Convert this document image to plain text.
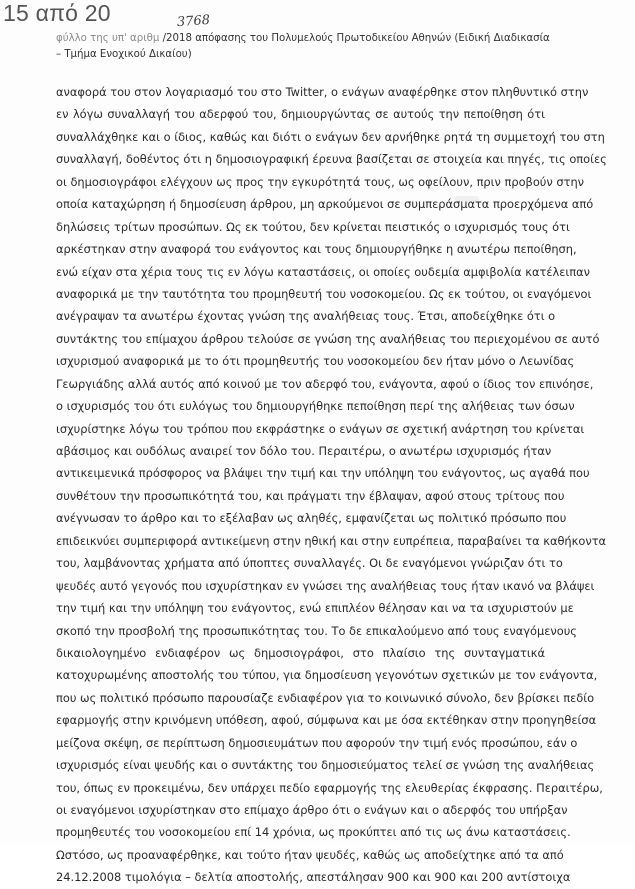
15 από 20	3768
φύλλο της υπ' αριθμ /2018 απόφασης του Πολυμελούς Πρωτοδικείου Αθηνών (Ειδική Διαδικασία
– Τμήμα Ενοχικού Δικαίου)
αναφορά του στον λογαριασμό του στο Twitter, ο ενάγων αναφέρθηκε στον πληθυντικό στην
εν λόγω συναλλαγή του αδερφού του, δημιουργώντας σε αυτούς την πεποίθηση ότι
συναλλάχθηκε και ο ίδιος, καθώς και διότι ο ενάγων δεν αρνήθηκε ρητά τη συμμετοχή του στη
συναλλαγή, δοθέντος ότι η δημοσιογραφική έρευνα βασίζεται σε στοιχεία και πηγές, τις οποίες
οι δημοσιογράφοι ελέγχουν ως προς την εγκυρότητά τους, ως οφείλουν, πριν προβούν στην
οποία καταχώρηση ή δημοσίευση άρθρου, μη αρκούμενοι σε συμπεράσματα προερχόμενα από
δηλώσεις τρίτων προσώπων. Ως εκ τούτου, δεν κρίνεται πειστικός ο ισχυρισμός τους ότι
αρκέστηκαν στην αναφορά του ενάγοντος και τους δημιουργήθηκε η ανωτέρω πεποίθηση,
ενώ είχαν στα χέρια τους τις εν λόγω καταστάσεις, οι οποίες ουδεμία αμφιβολία κατέλειπαν
αναφορικά με την ταυτότητα του προμηθευτή του νοσοκομείου. Ως εκ τούτου, οι εναγόμενοι
ανέγραψαν τα ανωτέρω έχοντας γνώση της αναλήθειας τους. Έτσι, αποδείχθηκε ότι ο
συντάκτης του επίμαχου άρθρου τελούσε σε γνώση της αναλήθειας του περιεχομένου σε αυτό
ισχυρισμού αναφορικά με το ότι προμηθευτής του νοσοκομείου δεν ήταν μόνο ο Λεωνίδας
Γεωργιάδης αλλά αυτός από κοινού με τον αδερφό του, ενάγοντα, αφού ο ίδιος τον επινόησε,
ο ισχυρισμός του ότι ευλόγως του δημιουργήθηκε πεποίθηση περί της αλήθειας των όσων
ισχυρίστηκε λόγω του τρόπου που εκφράστηκε ο ενάγων σε σχετική ανάρτηση του κρίνεται
αβάσιμος και ουδόλως αναιρεί τον δόλο του. Περαιτέρω, ο ανωτέρω ισχυρισμός ήταν
αντικειμενικά πρόσφορος να βλάψει την τιμή και την υπόληψη του ενάγοντος, ως αγαθά που
συνθέτουν την προσωπικότητά του, και πράγματι την έβλαψαν, αφού στους τρίτους που
ανέγνωσαν το άρθρο και το εξέλαβαν ως αληθές, εμφανίζεται ως πολιτικό πρόσωπο που
επιδεικνύει συμπεριφορά αντικείμενη στην ηθική και στην ευπρέπεια, παραβαίνει τα καθήκοντα
του, λαμβάνοντας χρήματα από ύποπτες συναλλαγές. Οι δε εναγόμενοι γνώριζαν ότι το
ψευδές αυτό γεγονός που ισχυρίστηκαν εν γνώσει της αναλήθειας τους ήταν ικανό να βλάψει
την τιμή και την υπόληψη του ενάγοντος, ενώ επιπλέον θέλησαν και να τα ισχυριστούν με
σκοπό την προσβολή της προσωπικότητας του. Το δε επικαλούμενο από τους εναγόμενους
δικαιολογημένο ενδιαφέρον ως δημοσιογράφοι, στο πλαίσιο της συνταγματικά
κατοχυρωμένης αποστολής του τύπου, για δημοσίευση γεγονότων σχετικών με τον ενάγοντα,
που ως πολιτικό πρόσωπο παρουσίαζε ενδιαφέρον για το κοινωνικό σύνολο, δεν βρίσκει πεδίο
εφαρμογής στην κρινόμενη υπόθεση, αφού, σύμφωνα και με όσα εκτέθηκαν στην προηγηθείσα
μείζονα σκέψη, σε περίπτωση δημοσιευμάτων που αφορούν την τιμή ενός προσώπου, εάν ο
ισχυρισμός είναι ψευδής και ο συντάκτης του δημοσιεύματος τελεί σε γνώση της αναλήθειας
του, όπως εν προκειμένω, δεν υπάρχει πεδίο εφαρμογής της ελευθερίας έκφρασης. Περαιτέρω,
οι εναγόμενοι ισχυρίστηκαν στο επίμαχο άρθρο ότι ο ενάγων και ο αδερφός του υπήρξαν
προμηθευτές του νοσοκομείου επί 14 χρόνια, ως προκύπτει από τις ως άνω καταστάσεις.
Ωστόσο, ως προαναφέρθηκε, και τούτο ήταν ψευδές, καθώς ως αποδείχτηκε από τα από
24.12.2008 τιμολόγια – δελτία αποστολής, απεστάλησαν 900 και 900 και 200 αντίστοιχα
